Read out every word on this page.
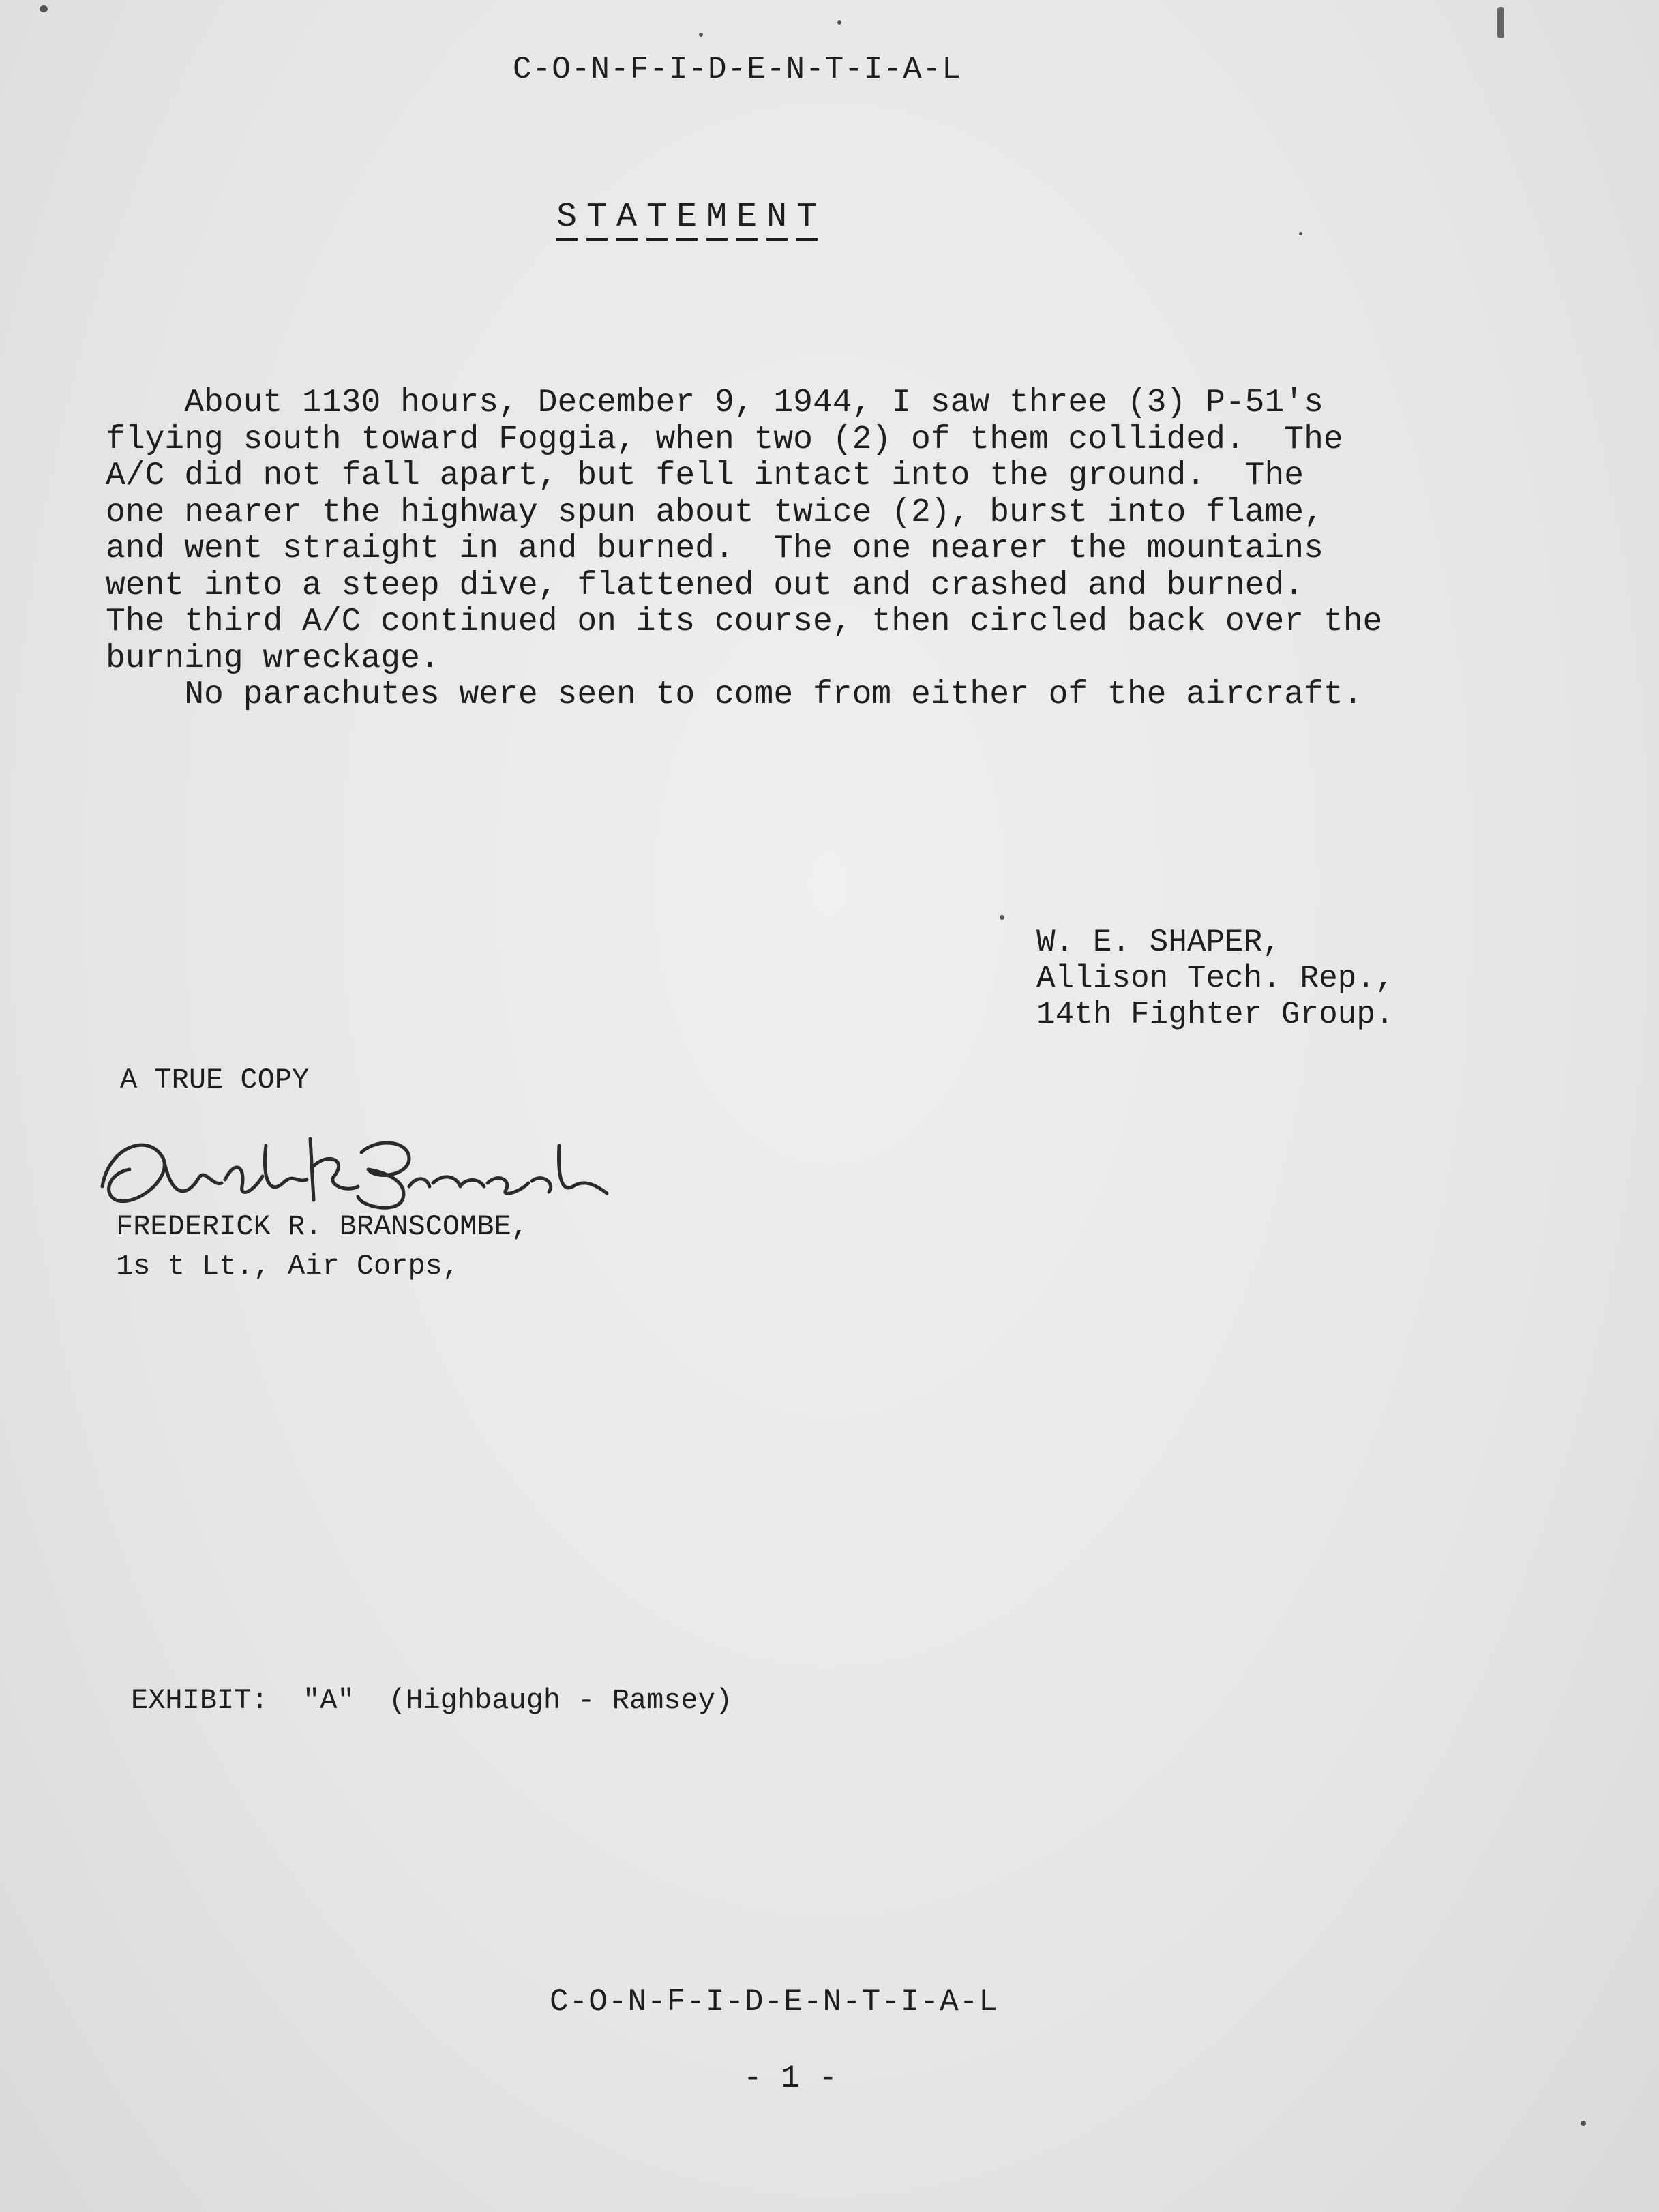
C-O-N-F-I-D-E-N-T-I-A-L

S T A T E M E N T

About 1130 hours, December 9, 1944, I saw three (3) P-51's
flying south toward Foggia, when two (2) of them collided.  The
A/C did not fall apart, but fell intact into the ground.  The
one nearer the highway spun about twice (2), burst into flame,
and went straight in and burned.  The one nearer the mountains
went into a steep dive, flattened out and crashed and burned.
The third A/C continued on its course, then circled back over the
burning wreckage.
No parachutes were seen to come from either of the aircraft.
W. E. SHAPER,
Allison Tech. Rep.,
14th Fighter Group.

A TRUE COPY

FREDERICK R. BRANSCOMBE,
1s t Lt., Air Corps,

EXHIBIT:  "A"  (Highbaugh - Ramsey)

C-O-N-F-I-D-E-N-T-I-A-L

- 1 -
